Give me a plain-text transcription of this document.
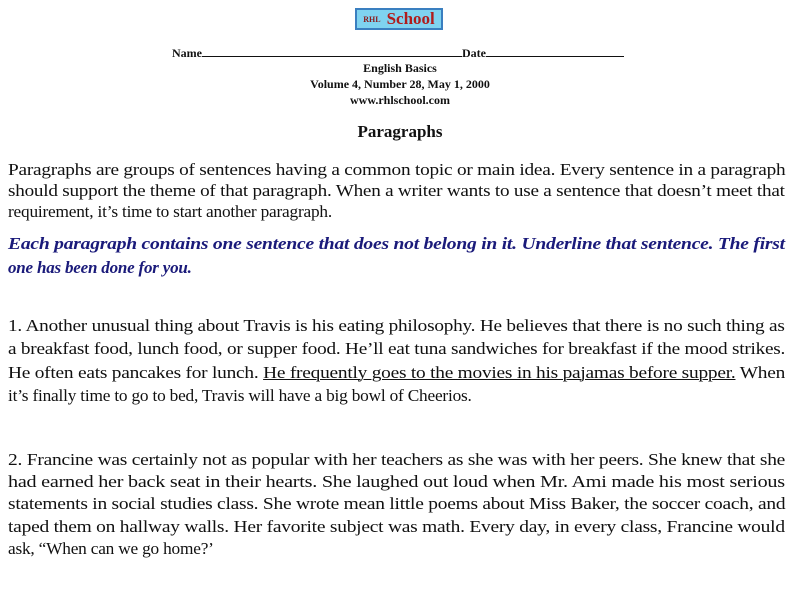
RHL School
Name	Date
English Basics
Volume 4, Number 28, May 1, 2000
www.rhlschool.com
Paragraphs
Paragraphs are groups of sentences having a common topic or main idea. Every sentence in a paragraph
should support the theme of that paragraph. When a writer wants to use a sentence that doesn’t meet that
requirement, it’s time to start another paragraph.
Each paragraph contains one sentence that does not belong in it. Underline that sentence. The first
one has been done for you.
1. Another unusual thing about Travis is his eating philosophy. He believes that there is no such thing as
a breakfast food, lunch food, or supper food. He’ll eat tuna sandwiches for breakfast if the mood strikes.
He often eats pancakes for lunch. He frequently goes to the movies in his pajamas before supper. When
it’s finally time to go to bed, Travis will have a big bowl of Cheerios.
2. Francine was certainly not as popular with her teachers as she was with her peers. She knew that she
had earned her back seat in their hearts. She laughed out loud when Mr. Ami made his most serious
statements in social studies class. She wrote mean little poems about Miss Baker, the soccer coach, and
taped them on hallway walls. Her favorite subject was math. Every day, in every class, Francine would
ask, “When can we go home?’
